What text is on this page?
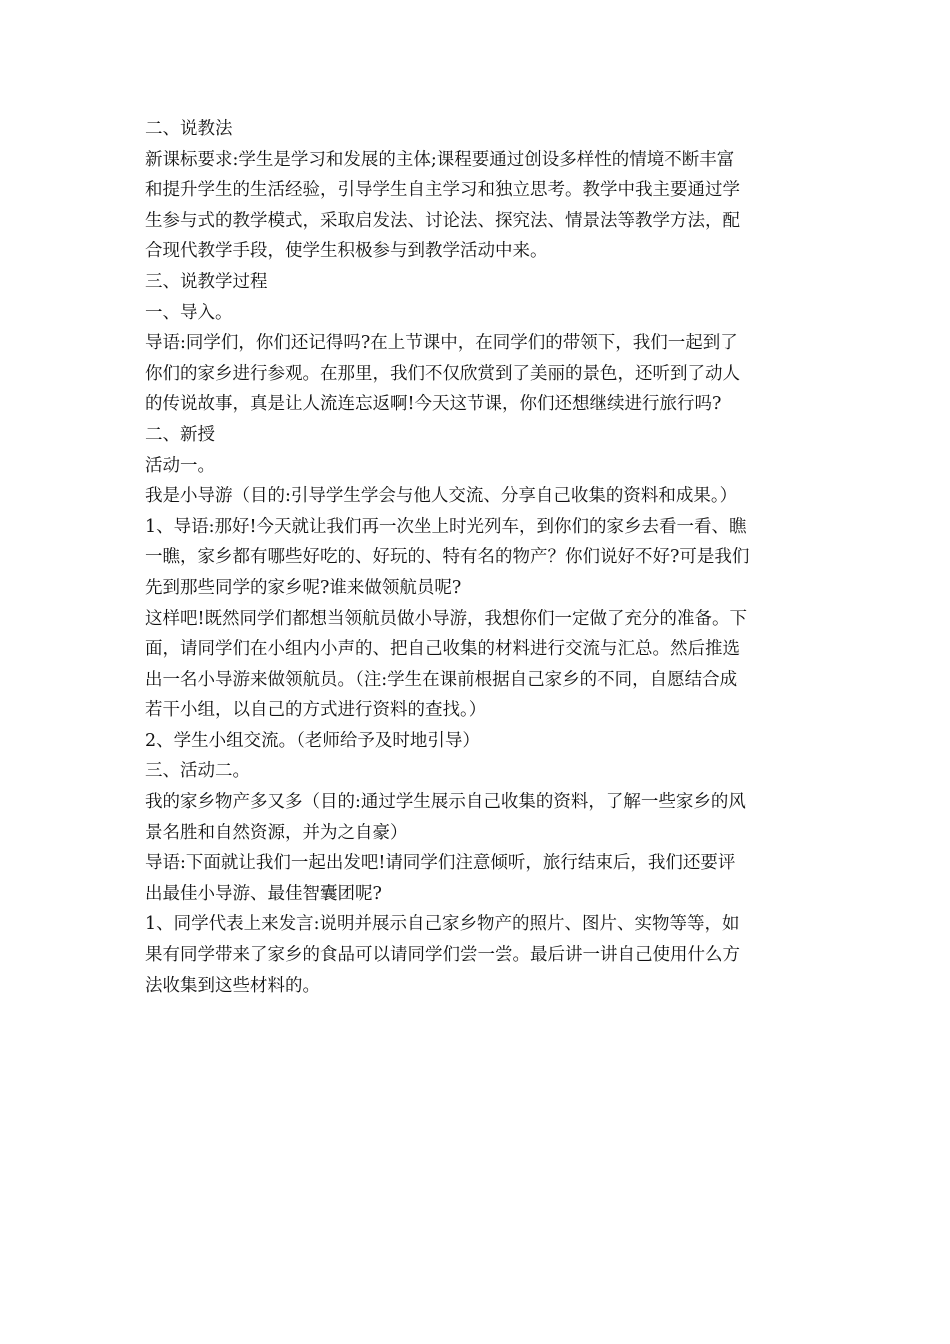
二、说教法
新课标要求:学生是学习和发展的主体;课程要通过创设多样性的情境不断丰富
和提升学生的生活经验，引导学生自主学习和独立思考。教学中我主要通过学
生参与式的教学模式，采取启发法、讨论法、探究法、情景法等教学方法，配
合现代教学手段，使学生积极参与到教学活动中来。
三、说教学过程
一、导入。
导语:同学们，你们还记得吗?在上节课中，在同学们的带领下，我们一起到了
你们的家乡进行参观。在那里，我们不仅欣赏到了美丽的景色，还听到了动人
的传说故事，真是让人流连忘返啊!今天这节课，你们还想继续进行旅行吗?
二、新授
活动一。
我是小导游（目的:引导学生学会与他人交流、分享自己收集的资料和成果。）
1、导语:那好!今天就让我们再一次坐上时光列车，到你们的家乡去看一看、瞧
一瞧，家乡都有哪些好吃的、好玩的、特有名的物产？你们说好不好?可是我们
先到那些同学的家乡呢?谁来做领航员呢?
这样吧!既然同学们都想当领航员做小导游，我想你们一定做了充分的准备。下
面，请同学们在小组内小声的、把自己收集的材料进行交流与汇总。然后推选
出一名小导游来做领航员。（注:学生在课前根据自己家乡的不同，自愿结合成
若干小组，以自己的方式进行资料的查找。）
2、学生小组交流。（老师给予及时地引导）
三、活动二。
我的家乡物产多又多（目的:通过学生展示自己收集的资料，了解一些家乡的风
景名胜和自然资源，并为之自豪）
导语:下面就让我们一起出发吧!请同学们注意倾听，旅行结束后，我们还要评
出最佳小导游、最佳智囊团呢?
1、同学代表上来发言:说明并展示自己家乡物产的照片、图片、实物等等，如
果有同学带来了家乡的食品可以请同学们尝一尝。最后讲一讲自己使用什么方
法收集到这些材料的。
